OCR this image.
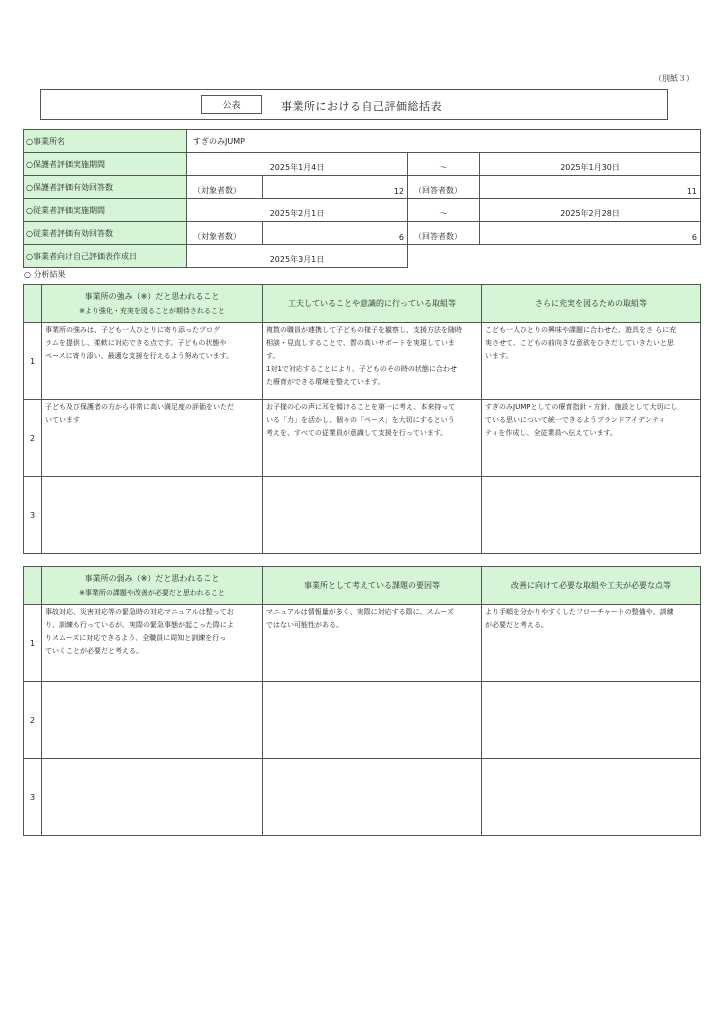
（別紙３）
公表	事業所における自己評価総括表
○事業所名	すぎのみJUMP			
○保護者評価実施期間	2025年1月4日		～	2025年1月30日
○保護者評価有効回答数	（対象者数）	12	（回答者数）	11
○従業者評価実施期間	2025年2月1日		～	2025年2月28日
○従業者評価有効回答数	（対象者数）	6	（回答者数）	6
○事業者向け自己評価表作成日	2025年3月1日			
○ 分析結果

	事業所の強み（※）だと思われること
※より強化・充実を図ることが期待されること	工夫していることや意識的に行っている取組等	さらに充実を図るための取組等
1	事業所の強みは、子ども一人ひとりに寄り添ったプログ
ラムを提供し、柔軟に対応できる点です。子どもの状態や
ペースに寄り添い、最適な支援を行えるよう努めています。	複数の職員が連携して子どもの様子を観察し、支援方法を随時
相談・見直しすることで、質の高いサポートを実現していま
す。
1対1で対応することにより、子どものその時の状態に合わせ
た療育ができる環境を整えています。	こども一人ひとりの興味や課題に合わせた、遊具をさ らに充
実させて、こどもの前向きな意欲をひきだしていきたいと思
います。
2	子ども及び保護者の方から非常に高い満足度の評価をいただ
いています	お子様の心の声に耳を傾けることを第一に考え、本来持って
いる「力」を活かし、個々の「ペース」を大切にするという
考えを、すべての従業員が意識して支援を行っています。	すぎのみJUMPとしての療育指針・方針、施設として大切にし
ている思いについて統一できるようブランドアイデンティ
ティを作成し、全従業員へ伝えています。
3			

	事業所の弱み（※）だと思われること
※事業所の課題や改善が必要だと思われること	事業所として考えている課題の要因等	改善に向けて必要な取組や工夫が必要な点等
1	事故対応、災害対応等の緊急時の対応マニュアルは整ってお
り、訓練も行っているが、実際の緊急事態が起こった際によ
りスムーズに対応できるよう、全職員に周知と訓練を行っ
ていくことが必要だと考える。	マニュアルは情報量が多く、実際に対応する際に、スムーズ
ではない可能性がある。	より手順を分かりやすくしたフローチャートの整備や、訓練
が必要だと考える。
2			
3			
